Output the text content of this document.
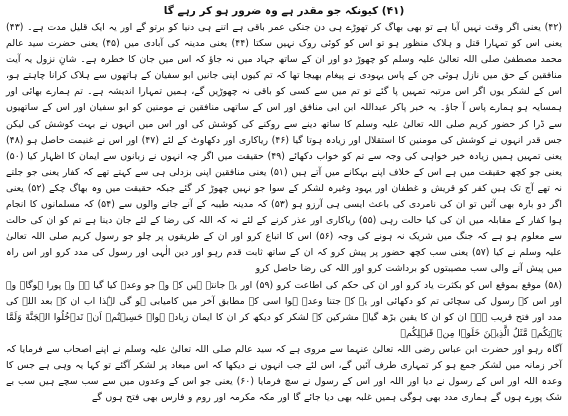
(۴۱) کیونکہ جو مقدر ہے وہ ضرور ہو کر رہے گا

(۴۲) یعنی اگر وقت نہیں آیا ہے تو بھی بھاگ کر تھوڑے ہی دن جنکی عمر باقی ہے اتنے ہی دنیا کو برتو گے اور یہ ایک قلیل مدت ہے۔ (۴۳) یعنی اس کو تمہارا قتل و ہلاک منظور ہو تو اس کو کوئی روک نہیں سکتا (۴۴) یعنی مدینہ کی آبادی میں (۴۵) یعنی حضرت سید عالم محمد مصطفیٰ صلی اللہ تعالیٰ علیہ وسلم کو چھوڑ دو اور ان کے ساتھ جہاد میں نہ جاؤ کہ اس میں جان کا خطرہ ہے۔ شانِ نزول یہ آیت منافقین کے حق میں نازل ہوئی جن کے پاس یہودی نے پیغام بھیجا تھا کہ تم کیوں اپنی جانیں ابو سفیان کے ہاتھوں سے ہلاک کرانا چاہتے ہو، اس کے لشکر یوں اگر اس مرتبہ تمہیں پا گئے تو تم میں سے کسی کو باقی نہ چھوڑیں گے، ہمیں تمہارا اندیشہ ہے۔ تم ہمارے بھائی اور ہمسایہ ہو ہمارے پاس آ جاؤ۔ یہ خبر پاکر عبداللہ ابن ابی منافق اور اس کے ساتھی منافقین نے مومنین کو ابو سفیان اور اس کے ساتھیوں سے ڈرا کر حضور کریم صلی اللہ تعالیٰ علیہ وسلم کا ساتھ دینے سے روکنے کی کوشش کی اور اس میں انہوں نے بہت کوشش کی لیکن جس قدر انہوں نے کوشش کی مومنین کا استقلال اور زیادہ ہوتا گیا (۴۶) ریاکاری اور دکھاوٹ کے لئے (۴۷) اور اس نے غنیمت حاصل ہو (۴۸) یعنی تمہیں ہمیں زیادہ خیر خواہی کی وجہ سے تم کو خواب دکھائے (۴۹) حقیقت میں اگر چہ انہوں نے زبانوں سے ایمان کا اظہار کیا (۵۰) یعنی جو کچھ حقیقت میں ہے اس کے خلاف اپنے بہکانے میں آتے ہیں (۵۱) یعنی منافقین اپنی بزدلی ہی سے کہتے تھے کہ کفار یعنی جو جلتے نہ تھے آج تک ہیں کفر کو قریش و غطفان اور یہود وغیرہ لشکر کے سوا جو نہیں چھوڑ کر گئے جبکہ حقیقت میں وہ بھاگ چکے (۵۲) یعنی اگر دو بارہ بھی آئیں تو ان کی نامردی کی باعث ایسی ہی آرزو ہو (۵۳) کہ مدینہ طیبہ کے آنے جانے والوں سے (۵۴) کہ مسلمانوں کا انجام ہوا کفار کے مقابلہ میں ان کی کیا حالت رہی (۵۵) ریاکاری اور عذر کرنے کے لئے نہ کہ اللہ کی رضا کے لئے جان دینا ہے تم کو ان کی حالت سے معلوم ہو ہے کہ جنگ میں شریک نہ ہونے کی وجہ (۵۶) اس کا اتباع کرو اور ان کے طریقوں پر چلو جو رسول کریم صلی اللہ تعالیٰ علیہ وسلم نے کیا (۵۷) یعنی سب کچھ حضور پر پیش کرو کہ ان کے ساتھ ثابت قدم رہو اور دین الٰہی اور رسول کی مدد کرو اور اس راہ میں پیش آنے والی سب مصیبتوں کو برداشت کرو اور اللہ کی رضا حاصل کرو

(۵۸) موقع بموقع اس کو بکثرت یاد کرو اور ان کی حکم کی اطاعت کرو (۵۹) اور یہ جانتے ہیں کہ وہ جو وعدہ کیا گیا ہے وہ پورا ہوگا۔ وہ اور اس کے رسول کی سچائی تم کو دکھائی اور یہ کہ جتنا وعدہ ہوا اسی کے مطابق آخر میں کامیابی ہو گی لہٰذا اب ان کے بعد اللہ کی مدد اور فتح قریب ہے۔ ان کو ان کا یقین بڑھ گیا۔ مشرکین کے لشکر کو دیکھ کر ان کا ایمان زیادہ ہوا۔ حَسِبۡتُمۡ اَنۡ تَدۡخُلُوا الۡجَنَّةَ وَلَمَّا یَاۡتِکُمۡ مَّثَلُ الَّذِیۡنَ خَلَوۡا مِنۡ قَبۡلِکُمۡ

آگاہ رہو اور حضرت ابن عباس رضی اللہ تعالیٰ عنہما سے مروی ہے کہ سید عالم صلی اللہ تعالیٰ علیہ وسلم نے اپنے اصحاب سے فرمایا کہ آخر زمانہ میں لشکر جمع ہو کر تمہاری طرف آئیں گے، اس لئے جب انہوں نے دیکھا کہ اس میعاد پر لشکر آگئے تو کہا یہ وہی ہے جس کا وعدہ اللہ اور اس کے رسول نے دیا اور اللہ اور اس کے رسول نے سچ فرمایا (۶۰) یعنی جو اس کے وعدوں میں سے سب سچے ہیں سب بے شک پورے ہوں گے ہماری مدد بھی ہوگی ہمیں غلبہ بھی دیا جائے گا اور مکہ مکرمہ اور روم و فارس بھی فتح ہوں گے
